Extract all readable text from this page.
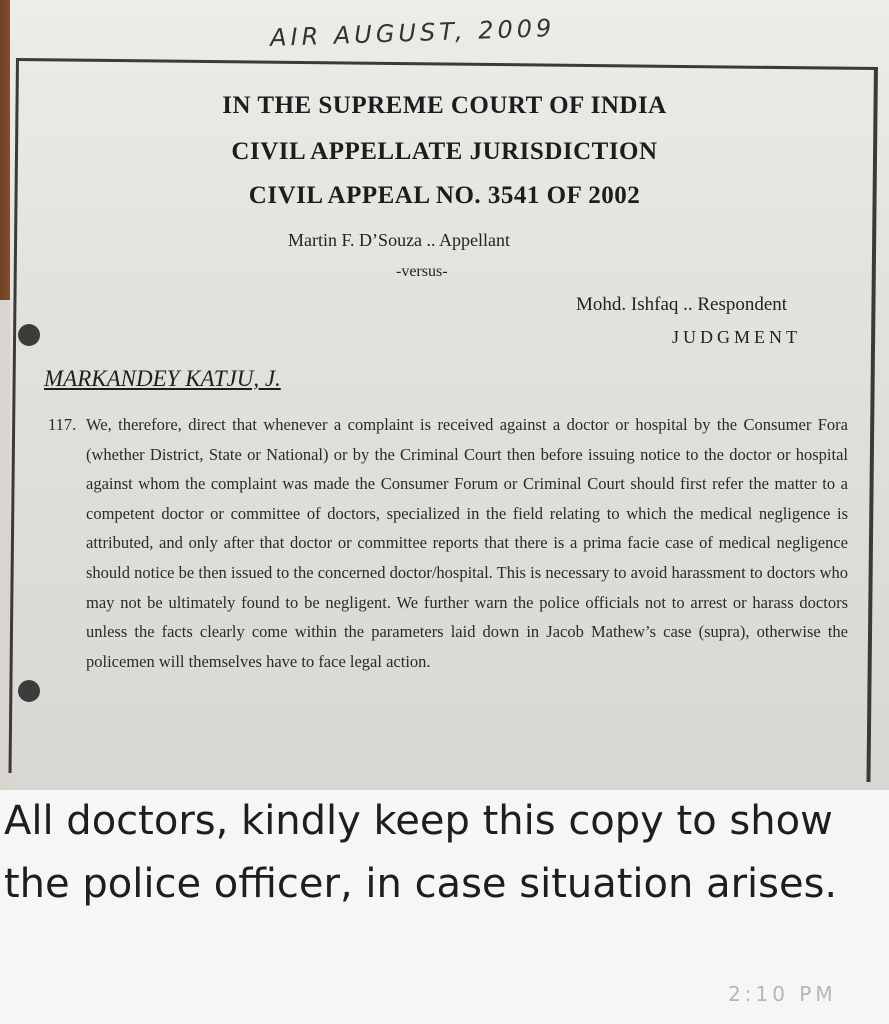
AIR AUGUST, 2009
IN THE SUPREME COURT OF INDIA
CIVIL APPELLATE JURISDICTION
CIVIL APPEAL NO. 3541 OF 2002
Martin F. D’Souza .. Appellant
-versus-
Mohd. Ishfaq .. Respondent
JUDGMENT
MARKANDEY KATJU, J.
117. We, therefore, direct that whenever a complaint is received against a doctor or hospital by the Consumer Fora (whether District, State or National) or by the Criminal Court then before issuing notice to the doctor or hospital against whom the complaint was made the Consumer Forum or Criminal Court should first refer the matter to a competent doctor or committee of doctors, specialized in the field relating to which the medical negligence is attributed, and only after that doctor or committee reports that there is a prima facie case of medical negligence should notice be then issued to the concerned doctor/hospital. This is necessary to avoid harassment to doctors who may not be ultimately found to be negligent. We further warn the police officials not to arrest or harass doctors unless the facts clearly come within the parameters laid down in Jacob Mathew’s case (supra), otherwise the policemen will themselves have to face legal action.
All doctors, kindly keep this copy to show the police officer, in case situation arises.
2:10 PM
